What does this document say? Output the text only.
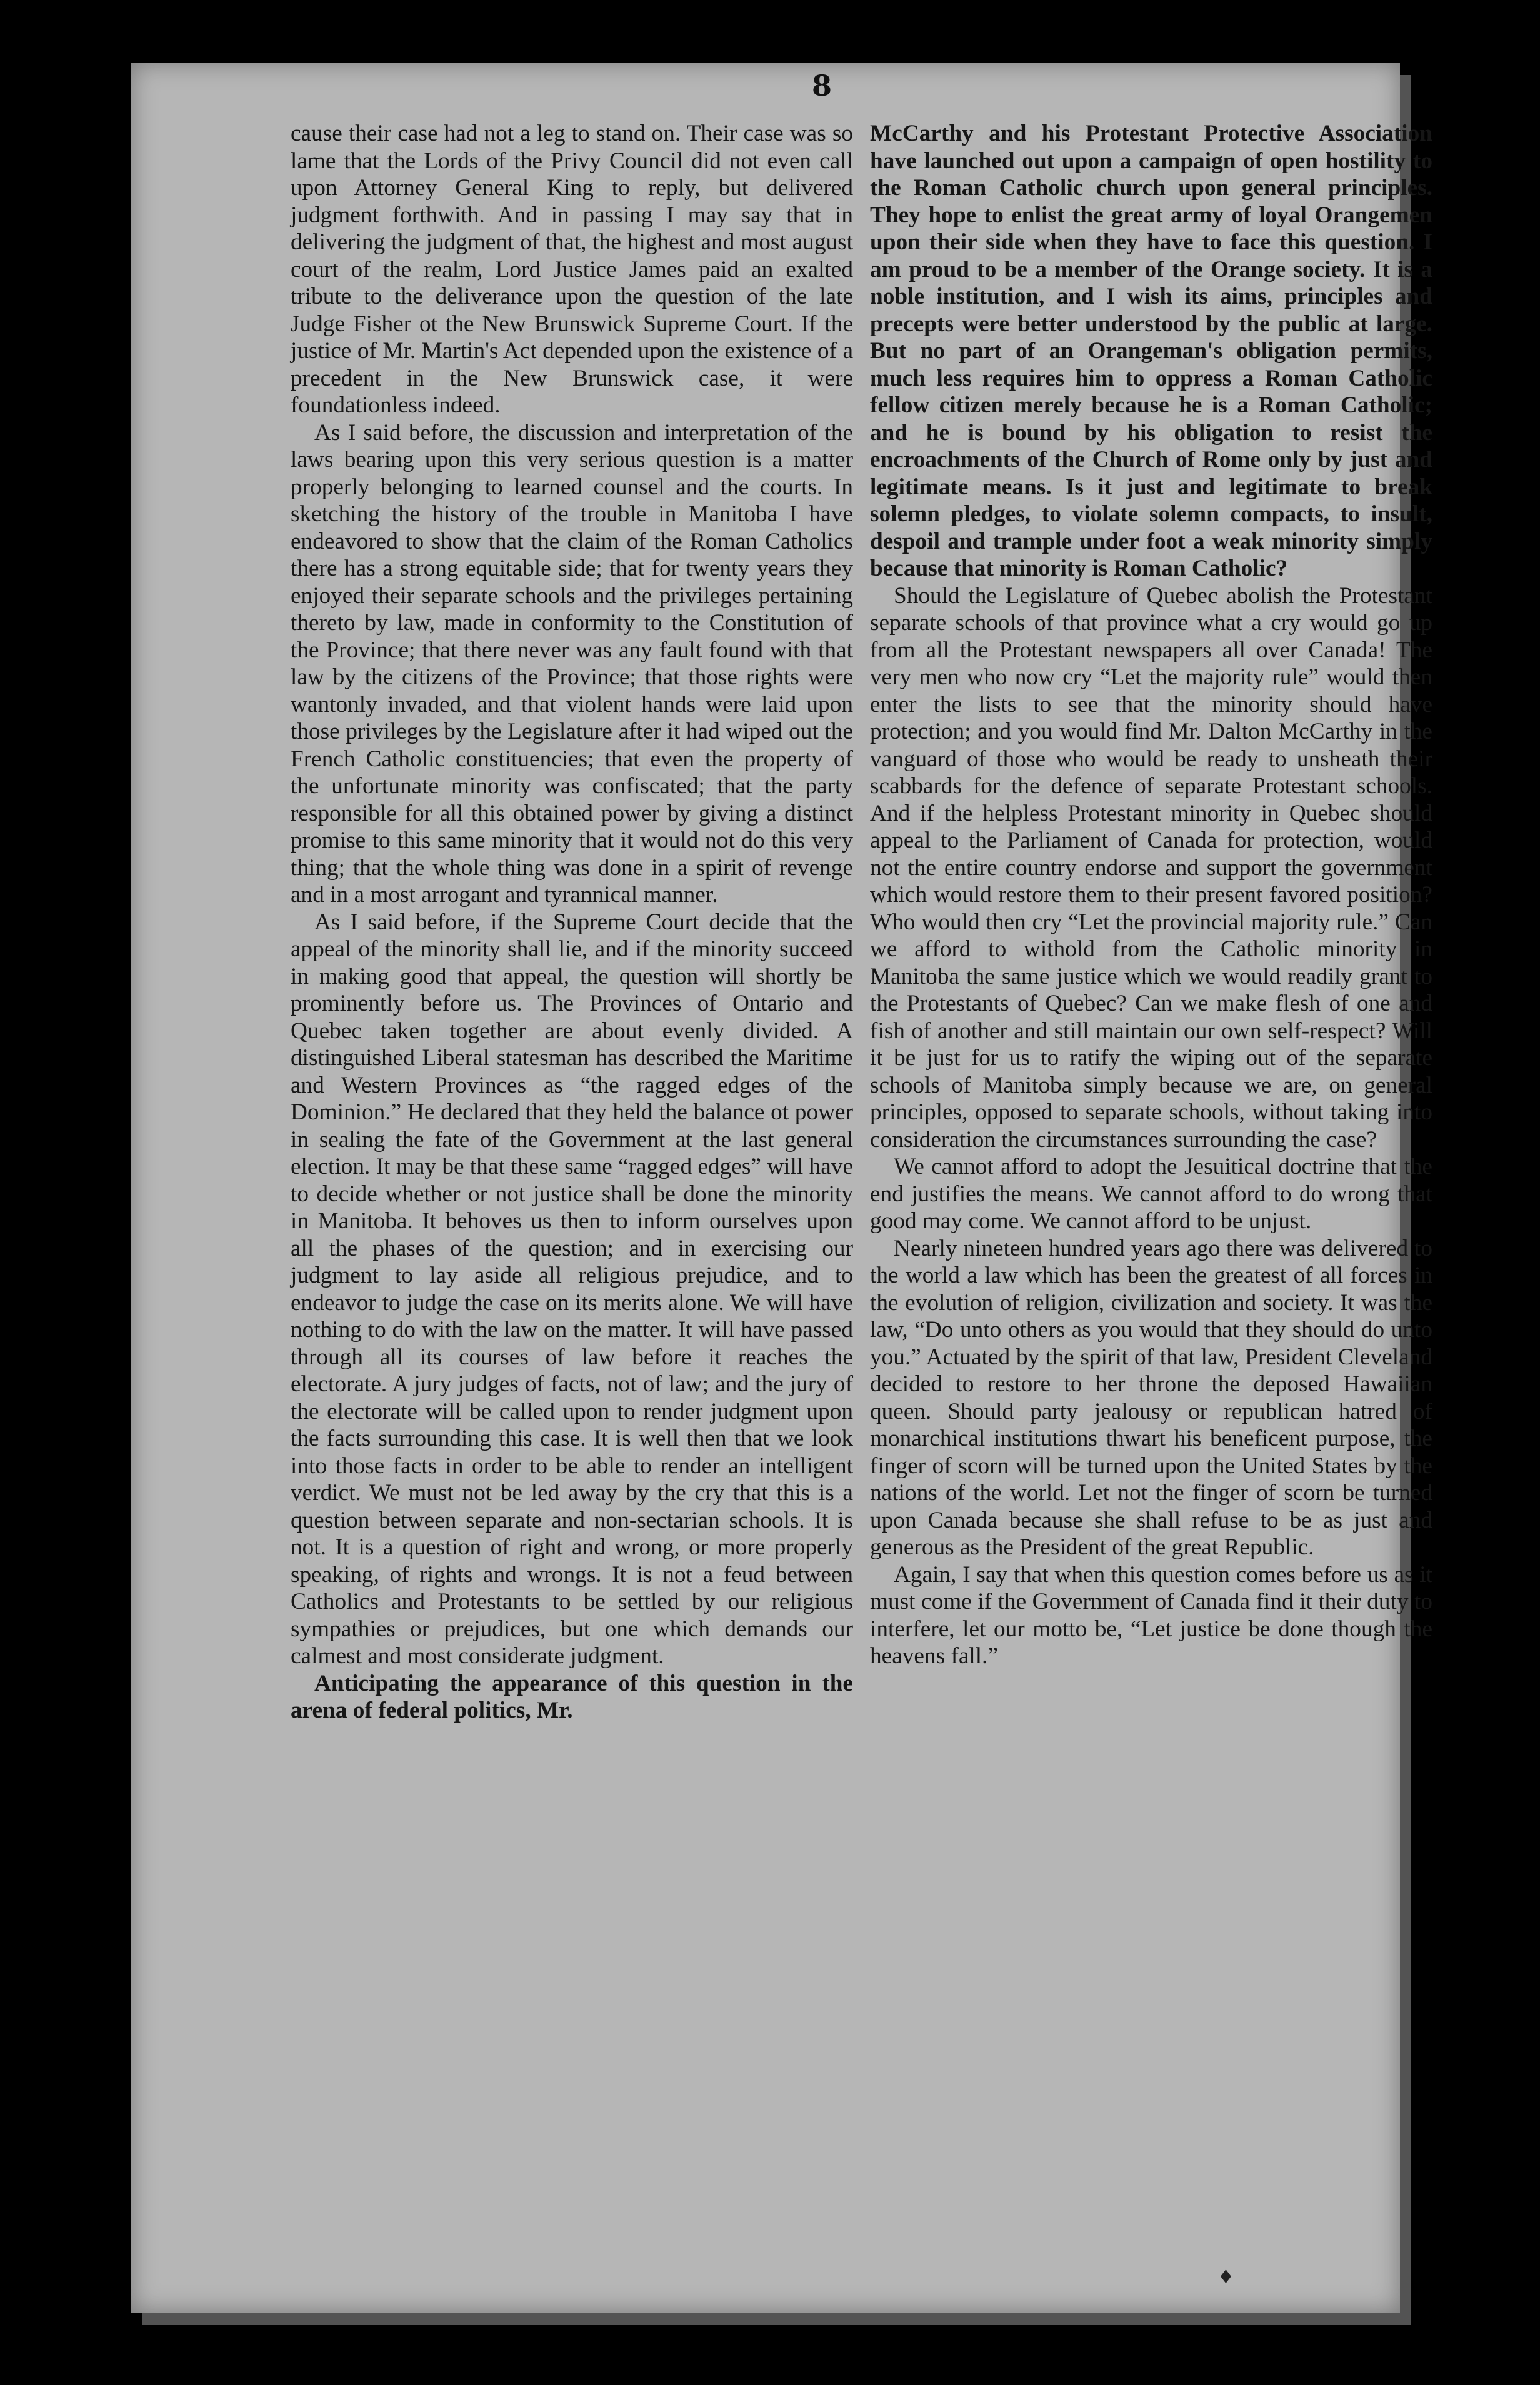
8

cause their case had not a leg to stand on. Their case was so lame that the Lords of the Privy Council did not even call upon Attorney General King to reply, but delivered judgment forthwith. And in passing I may say that in delivering the judgment of that, the highest and most august court of the realm, Lord Justice James paid an exalted tribute to the deliverance upon the question of the late Judge Fisher ot the New Brunswick Supreme Court. If the justice of Mr. Martin's Act depended upon the existence of a precedent in the New Brunswick case, it were foundationless indeed.

As I said before, the discussion and interpretation of the laws bearing upon this very serious question is a matter properly belonging to learned counsel and the courts. In sketching the history of the trouble in Manitoba I have endeavored to show that the claim of the Roman Catholics there has a strong equitable side; that for twenty years they enjoyed their separate schools and the privileges pertaining thereto by law, made in conformity to the Constitution of the Province; that there never was any fault found with that law by the citizens of the Province; that those rights were wantonly invaded, and that violent hands were laid upon those privileges by the Legislature after it had wiped out the French Catholic constituencies; that even the property of the unfortunate minority was confiscated; that the party responsible for all this obtained power by giving a distinct promise to this same minority that it would not do this very thing; that the whole thing was done in a spirit of revenge and in a most arrogant and tyrannical manner.

As I said before, if the Supreme Court decide that the appeal of the minority shall lie, and if the minority succeed in making good that appeal, the question will shortly be prominently before us. The Provinces of Ontario and Quebec taken together are about evenly divided. A distinguished Liberal statesman has described the Maritime and Western Provinces as “the ragged edges of the Dominion.” He declared that they held the balance ot power in sealing the fate of the Government at the last general election. It may be that these same “ragged edges” will have to decide whether or not justice shall be done the minority in Manitoba. It behoves us then to inform ourselves upon all the phases of the question; and in exercising our judgment to lay aside all religious prejudice, and to endeavor to judge the case on its merits alone. We will have nothing to do with the law on the matter. It will have passed through all its courses of law before it reaches the electorate. A jury judges of facts, not of law; and the jury of the electorate will be called upon to render judgment upon the facts surrounding this case. It is well then that we look into those facts in order to be able to render an intelligent verdict. We must not be led away by the cry that this is a question between separate and non-sectarian schools. It is not. It is a question of right and wrong, or more properly speaking, of rights and wrongs. It is not a feud between Catholics and Protestants to be settled by our religious sympathies or prejudices, but one which demands our calmest and most considerate judgment.

Anticipating the appearance of this question in the arena of federal politics, Mr.

McCarthy and his Protestant Protective Association have launched out upon a campaign of open hostility to the Roman Catholic church upon general principles. They hope to enlist the great army of loyal Orangemen upon their side when they have to face this question. I am proud to be a member of the Orange society. It is a noble institution, and I wish its aims, principles and precepts were better understood by the public at large. But no part of an Orangeman's obligation permits, much less requires him to oppress a Roman Catholic fellow citizen merely because he is a Roman Catholic; and he is bound by his obligation to resist the encroachments of the Church of Rome only by just and legitimate means. Is it just and legitimate to break solemn pledges, to violate solemn compacts, to insult, despoil and trample under foot a weak minority simply because that minority is Roman Catholic?

Should the Legislature of Quebec abolish the Protestant separate schools of that province what a cry would go up from all the Protestant newspapers all over Canada! The very men who now cry “Let the majority rule” would then enter the lists to see that the minority should have protection; and you would find Mr. Dalton McCarthy in the vanguard of those who would be ready to unsheath their scabbards for the defence of separate Protestant schools. And if the helpless Protestant minority in Quebec should appeal to the Parliament of Canada for protection, would not the entire country endorse and support the government which would restore them to their present favored position? Who would then cry “Let the provincial majority rule.” Can we afford to withold from the Catholic minority in Manitoba the same justice which we would readily grant to the Protestants of Quebec? Can we make flesh of one and fish of another and still maintain our own self-respect? Will it be just for us to ratify the wiping out of the separate schools of Manitoba simply because we are, on general principles, opposed to separate schools, without taking into consideration the circumstances surrounding the case?

We cannot afford to adopt the Jesuitical doctrine that the end justifies the means. We cannot afford to do wrong that good may come. We cannot afford to be unjust.

Nearly nineteen hundred years ago there was delivered to the world a law which has been the greatest of all forces in the evolution of religion, civilization and society. It was the law, “Do unto others as you would that they should do unto you.” Actuated by the spirit of that law, President Cleveland decided to restore to her throne the deposed Hawaiian queen. Should party jealousy or republican hatred of monarchical institutions thwart his beneficent purpose, the finger of scorn will be turned upon the United States by the nations of the world. Let not the finger of scorn be turned upon Canada because she shall refuse to be as just and generous as the President of the great Republic.

Again, I say that when this question comes before us as it must come if the Government of Canada find it their duty to interfere, let our motto be, “Let justice be done though the heavens fall.”

♦
